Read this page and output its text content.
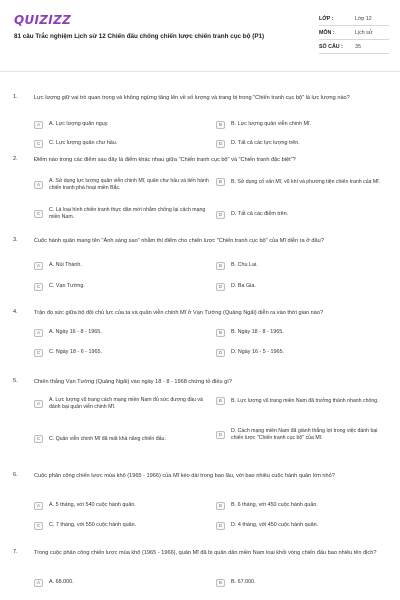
QUIZIZZ
81 câu Trắc nghiệm Lịch sử 12 Chiến đấu chống chiến lược chiến tranh cục bộ (P1)
LỚP :	Lớp 12
MÔN :	Lịch sử
SỐ CÂU :	35
1.	Lực lượng giữ vai trò quan trọng và không ngừng tăng lên về số lượng và trang bị trong "Chiến tranh cục bộ" là lực lượng nào?
A	A. Lực lượng quân ngụy.	B	B. Lực lượng quân viễn chinh Mĩ.
C	C. Lực lượng quân chư hầu.	D	D. Tất cả các lực lượng trên.
2.	Điểm nào trong các điểm sau đây là điểm khác nhau giữa "Chiến tranh cục bộ" và "Chiến tranh đặc biệt"?
A
A. Sử dụng lực lượng quân viễn chinh Mĩ, quân chư hầu và tiến hành chiến tranh phá hoại miền Bắc.
B	B. Sử dụng cố vấn Mĩ, vũ khí và phương tiện chiến tranh của Mĩ.
C
C. Là loại hình chiến tranh thực dân mới nhằm chống lại cách mạng miền Nam.	D	D. Tất cả các điểm trên.
3.	Cuộc hành quân mang tên "Ánh sáng sao" nhằm thí điểm cho chiến lược "Chiến tranh cục bộ" của Mĩ diễn ra ở đâu?
A	A. Núi Thành.	B	B. Chu Lai.
C	C. Vạn Tường.	D	D. Ba Gia.
4.	Trận đọ sức giữa bộ đội chủ lực của ta và quân viễn chinh Mĩ ở Vạn Tường (Quảng Ngãi) diễn ra vào thời gian nào?
A	A. Ngày 16 - 8 - 1965.	B	B. Ngày 18 - 8 - 1965.
C	C. Ngày 18 - 6 - 1965.	D	D. Ngày 16 - 5 - 1965.
5.	Chiến thắng Vạn Tường (Quảng Ngãi) vào ngày 18 - 8 - 1968 chứng tỏ điều gì?
A
A. Lực lượng vũ trang cách mạng miền Nam đủ sức đương đầu và đánh bại quân viễn chinh Mĩ.
B	B. Lực lượng vũ trang miền Nam đã trưởng thành nhanh chóng.
C	C. Quân viễn chinh Mĩ đã mất khả năng chiến đấu.
D
D. Cách mạng miền Nam đã giành thắng lợi trong việc đánh bại chiến lược "Chiến tranh cục bộ" của Mĩ.
6.	Cuộc phản công chiến lược mùa khô (1965 - 1966) của Mĩ kéo dài trong bao lâu, với bao nhiêu cuộc hành quân lớn nhỏ?
A	A. 5 tháng, với 540 cuộc hành quân.	B	B. 6 tháng, với 450 cuộc hành quân.
C	C. 7 tháng, với 550 cuộc hành quân.	D	D. 4 tháng, với 450 cuộc hành quân.
7.	Trong cuộc phản công chiến lược mùa khô (1965 - 1966), quân Mĩ đã bị quân dân miền Nam loại khỏi vòng chiến đấu bao nhiêu tên địch?
A	A. 68.000.	B	B. 67.000.
